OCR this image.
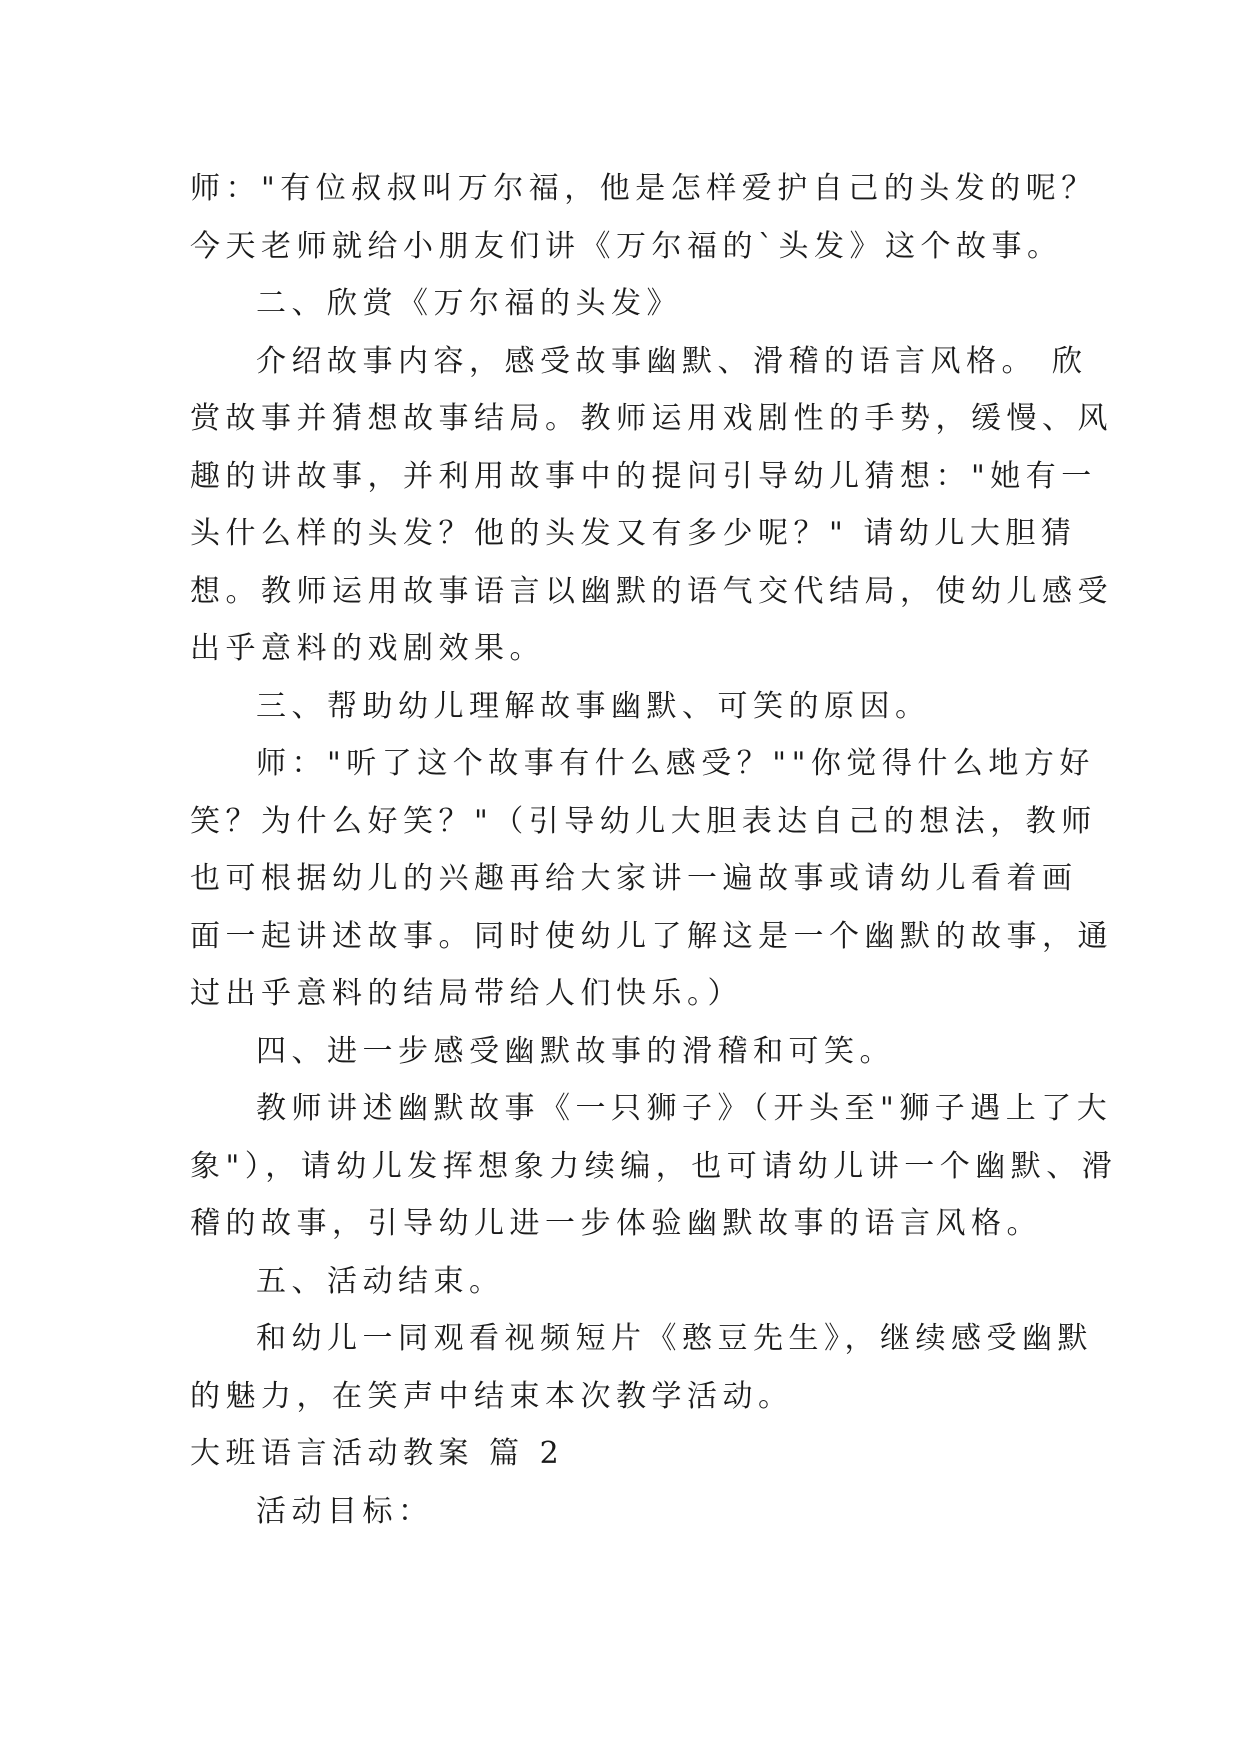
师："有位叔叔叫万尔福，他是怎样爱护自己的头发的呢？
今天老师就给小朋友们讲《万尔福的`头发》这个故事。
二、欣赏《万尔福的头发》
介绍故事内容，感受故事幽默、滑稽的语言风格。 欣
赏故事并猜想故事结局。教师运用戏剧性的手势，缓慢、风
趣的讲故事，并利用故事中的提问引导幼儿猜想："她有一
头什么样的头发？他的头发又有多少呢？" 请幼儿大胆猜
想。教师运用故事语言以幽默的语气交代结局，使幼儿感受
出乎意料的戏剧效果。
三、帮助幼儿理解故事幽默、可笑的原因。
师："听了这个故事有什么感受？""你觉得什么地方好
笑？为什么好笑？"（引导幼儿大胆表达自己的想法，教师
也可根据幼儿的兴趣再给大家讲一遍故事或请幼儿看着画
面一起讲述故事。同时使幼儿了解这是一个幽默的故事，通
过出乎意料的结局带给人们快乐。）
四、进一步感受幽默故事的滑稽和可笑。
教师讲述幽默故事《一只狮子》（开头至"狮子遇上了大
象"），请幼儿发挥想象力续编，也可请幼儿讲一个幽默、滑
稽的故事，引导幼儿进一步体验幽默故事的语言风格。
五、活动结束。
和幼儿一同观看视频短片《憨豆先生》，继续感受幽默
的魅力，在笑声中结束本次教学活动。
大班语言活动教案 篇 2
活动目标：
